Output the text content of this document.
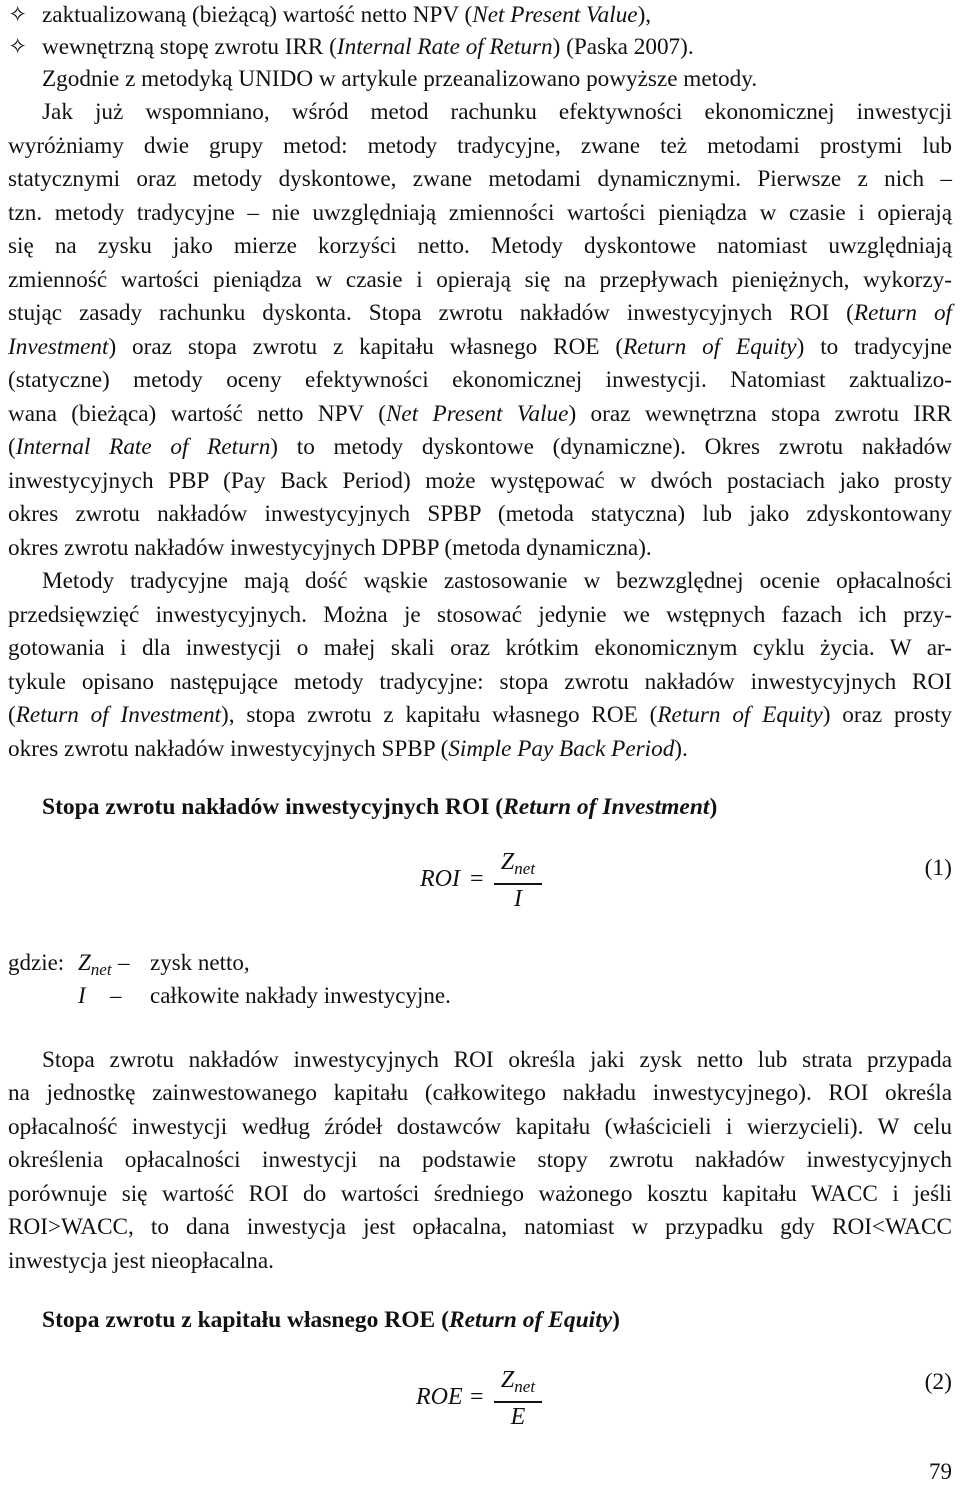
✧ zaktualizowaną (bieżącą) wartość netto NPV (Net Present Value),
✧ wewnętrzną stopę zwrotu IRR (Internal Rate of Return) (Paska 2007).
Zgodnie z metodyką UNIDO w artykule przeanalizowano powyższe metody.
Jak już wspomniano, wśród metod rachunku efektywności ekonomicznej inwestycji
wyróżniamy dwie grupy metod: metody tradycyjne, zwane też metodami prostymi lub
statycznymi oraz metody dyskontowe, zwane metodami dynamicznymi. Pierwsze z nich –
tzn. metody tradycyjne – nie uwzględniają zmienności wartości pieniądza w czasie i opierają
się na zysku jako mierze korzyści netto. Metody dyskontowe natomiast uwzględniają
zmienność wartości pieniądza w czasie i opierają się na przepływach pieniężnych, wykorzy-
stując zasady rachunku dyskonta. Stopa zwrotu nakładów inwestycyjnych ROI (Return of
Investment) oraz stopa zwrotu z kapitału własnego ROE (Return of Equity) to tradycyjne
(statyczne) metody oceny efektywności ekonomicznej inwestycji. Natomiast zaktualizo-
wana (bieżąca) wartość netto NPV (Net Present Value) oraz wewnętrzna stopa zwrotu IRR
(Internal Rate of Return) to metody dyskontowe (dynamiczne). Okres zwrotu nakładów
inwestycyjnych PBP (Pay Back Period) może występować w dwóch postaciach jako prosty
okres zwrotu nakładów inwestycyjnych SPBP (metoda statyczna) lub jako zdyskontowany
okres zwrotu nakładów inwestycyjnych DPBP (metoda dynamiczna).
Metody tradycyjne mają dość wąskie zastosowanie w bezwzględnej ocenie opłacalności
przedsięwzięć inwestycyjnych. Można je stosować jedynie we wstępnych fazach ich przy-
gotowania i dla inwestycji o małej skali oraz krótkim ekonomicznym cyklu życia. W ar-
tykule opisano następujące metody tradycyjne: stopa zwrotu nakładów inwestycyjnych ROI
(Return of Investment), stopa zwrotu z kapitału własnego ROE (Return of Equity) oraz prosty
okres zwrotu nakładów inwestycyjnych SPBP (Simple Pay Back Period).
Stopa zwrotu nakładów inwestycyjnych ROI (Return of Investment)
ROI =
$Z_{net}$
I
(1)
gdzie: $Z_{net}$ – zysk netto,
I – całkowite nakłady inwestycyjne.
Stopa zwrotu nakładów inwestycyjnych ROI określa jaki zysk netto lub strata przypada
na jednostkę zainwestowanego kapitału (całkowitego nakładu inwestycyjnego). ROI określa
opłacalność inwestycji według źródeł dostawców kapitału (właścicieli i wierzycieli). W celu
określenia opłacalności inwestycji na podstawie stopy zwrotu nakładów inwestycyjnych
porównuje się wartość ROI do wartości średniego ważonego kosztu kapitału WACC i jeśli
ROI>WACC, to dana inwestycja jest opłacalna, natomiast w przypadku gdy ROI<WACC
inwestycja jest nieopłacalna.
Stopa zwrotu z kapitału własnego ROE (Return of Equity)
ROE =
$Z_{net}$
E
(2)
79
